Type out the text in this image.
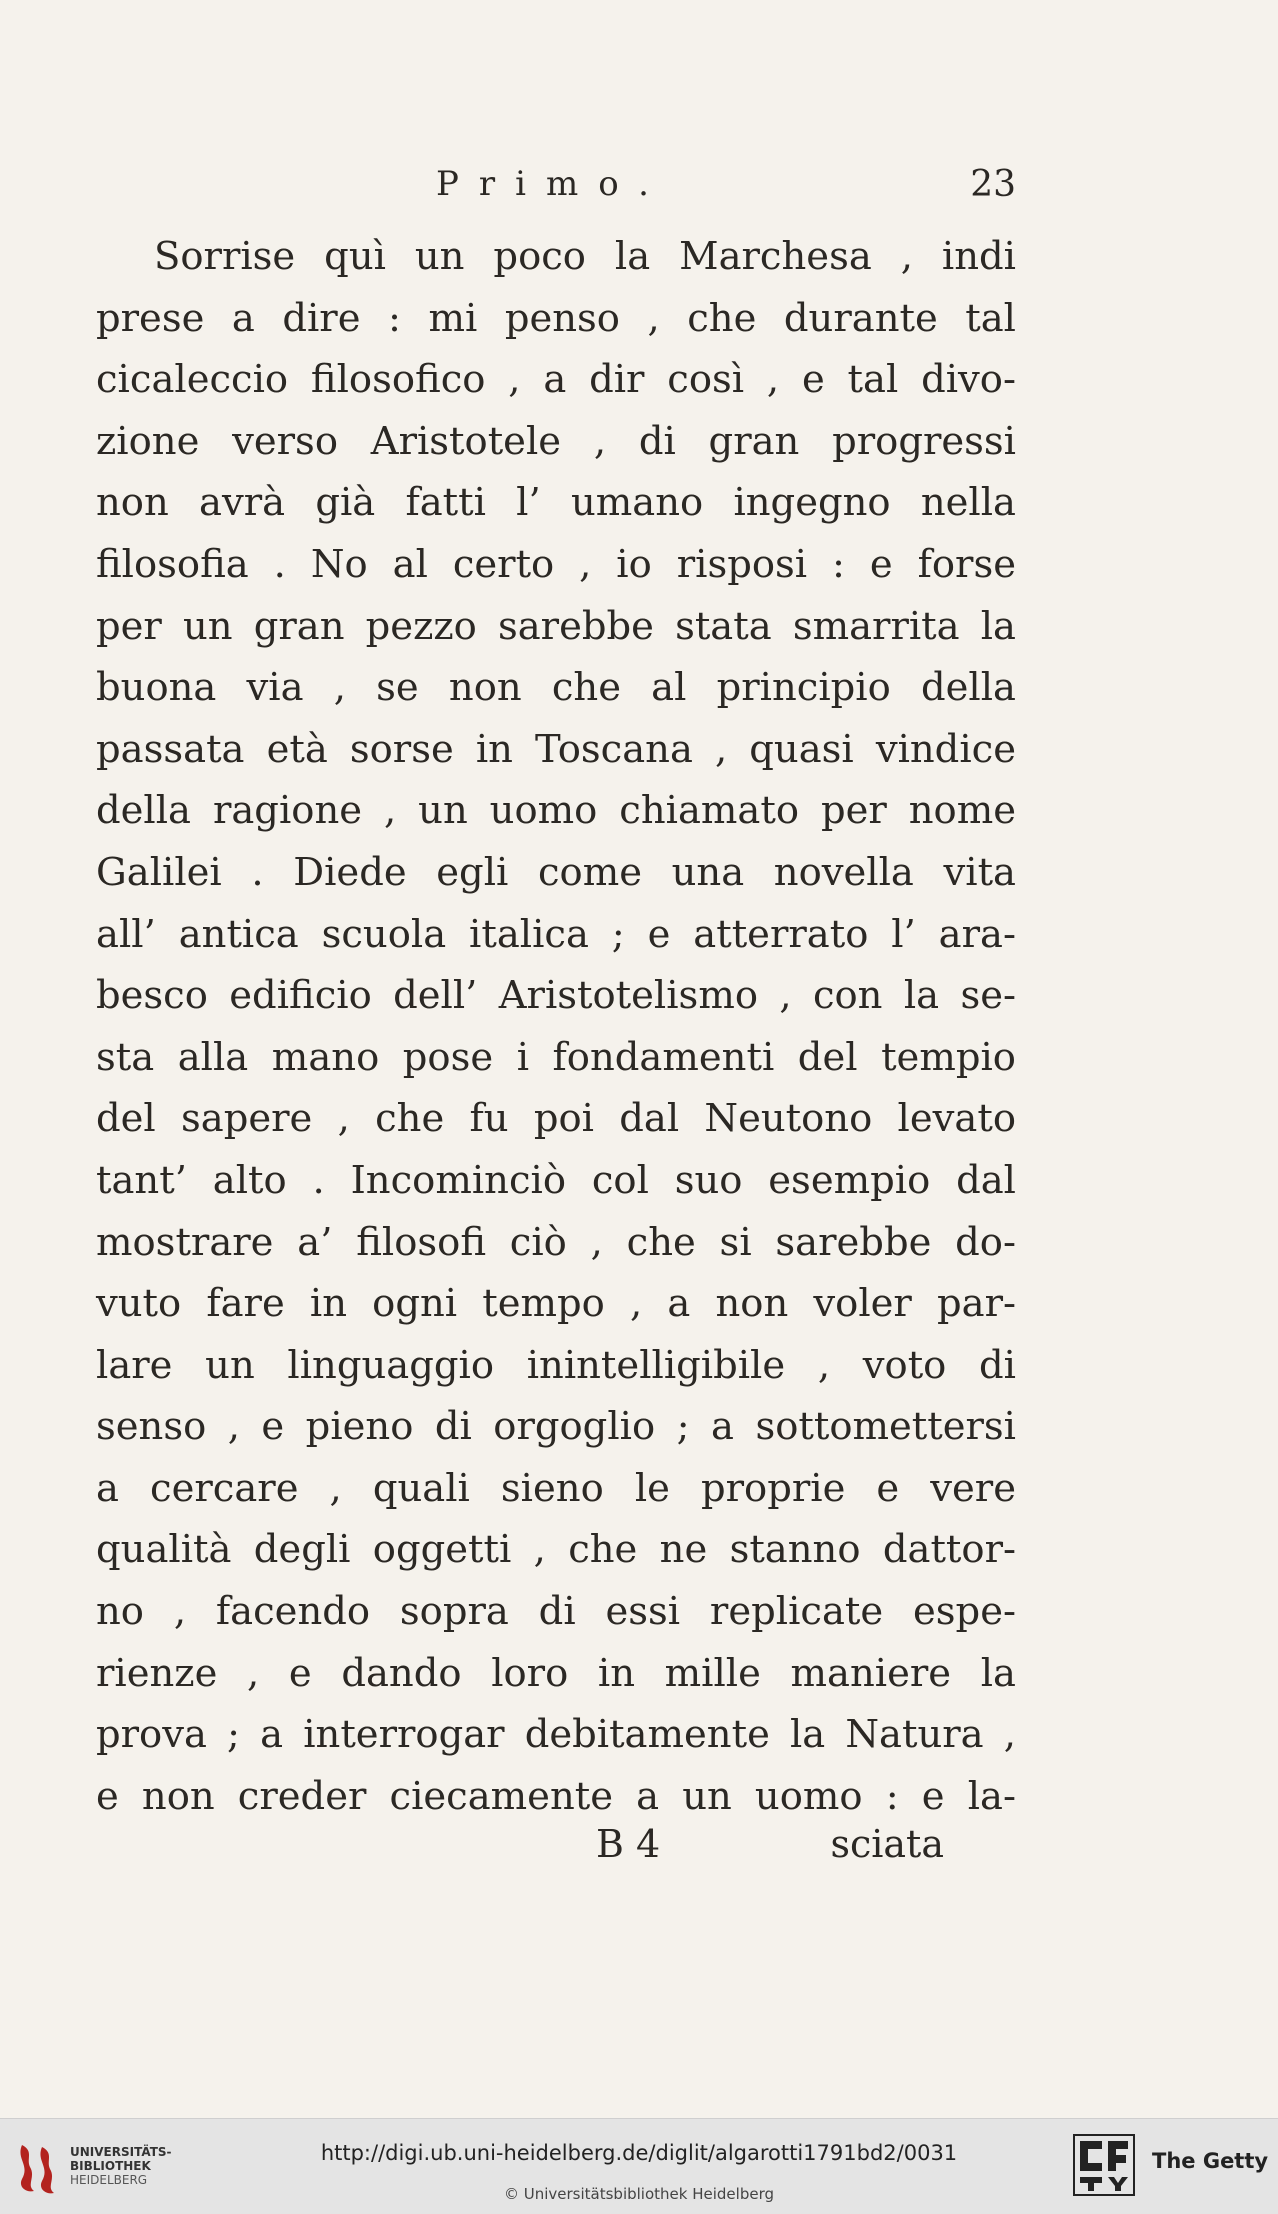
Primo.	23
Sorrise quì un poco la Marchesa , indi
prese a dire : mi penso , che durante tal
cicaleccio filosofico , a dir così , e tal divo-
zione verso Aristotele , di gran progressi
non avrà già fatti l’ umano ingegno nella
filosofia . No al certo , io risposi : e forse
per un gran pezzo sarebbe stata smarrita la
buona via , se non che al principio della
passata età sorse in Toscana , quasi vindice
della ragione , un uomo chiamato per nome
Galilei . Diede egli come una novella vita
all’ antica scuola italica ; e atterrato l’ ara-
besco edificio dell’ Aristotelismo , con la se-
sta alla mano pose i fondamenti del tempio
del sapere , che fu poi dal Neutono levato
tant’ alto . Incominciò col suo esempio dal
mostrare a’ filosofi ciò , che si sarebbe do-
vuto fare in ogni tempo , a non voler par-
lare un linguaggio inintelligibile , voto di
senso , e pieno di orgoglio ; a sottomettersi
a cercare , quali sieno le proprie e vere
qualità degli oggetti , che ne stanno dattor-
no , facendo sopra di essi replicate espe-
rienze , e dando loro in mille maniere la
prova ; a interrogar debitamente la Natura ,
e non creder ciecamente a un uomo : e la-
B 4	sciata
UNIVERSITÄTS-
BIBLIOTHEK
HEIDELBERG
http://digi.ub.uni-heidelberg.de/diglit/algarotti1791bd2/0031
© Universitätsbibliothek Heidelberg
The Getty
